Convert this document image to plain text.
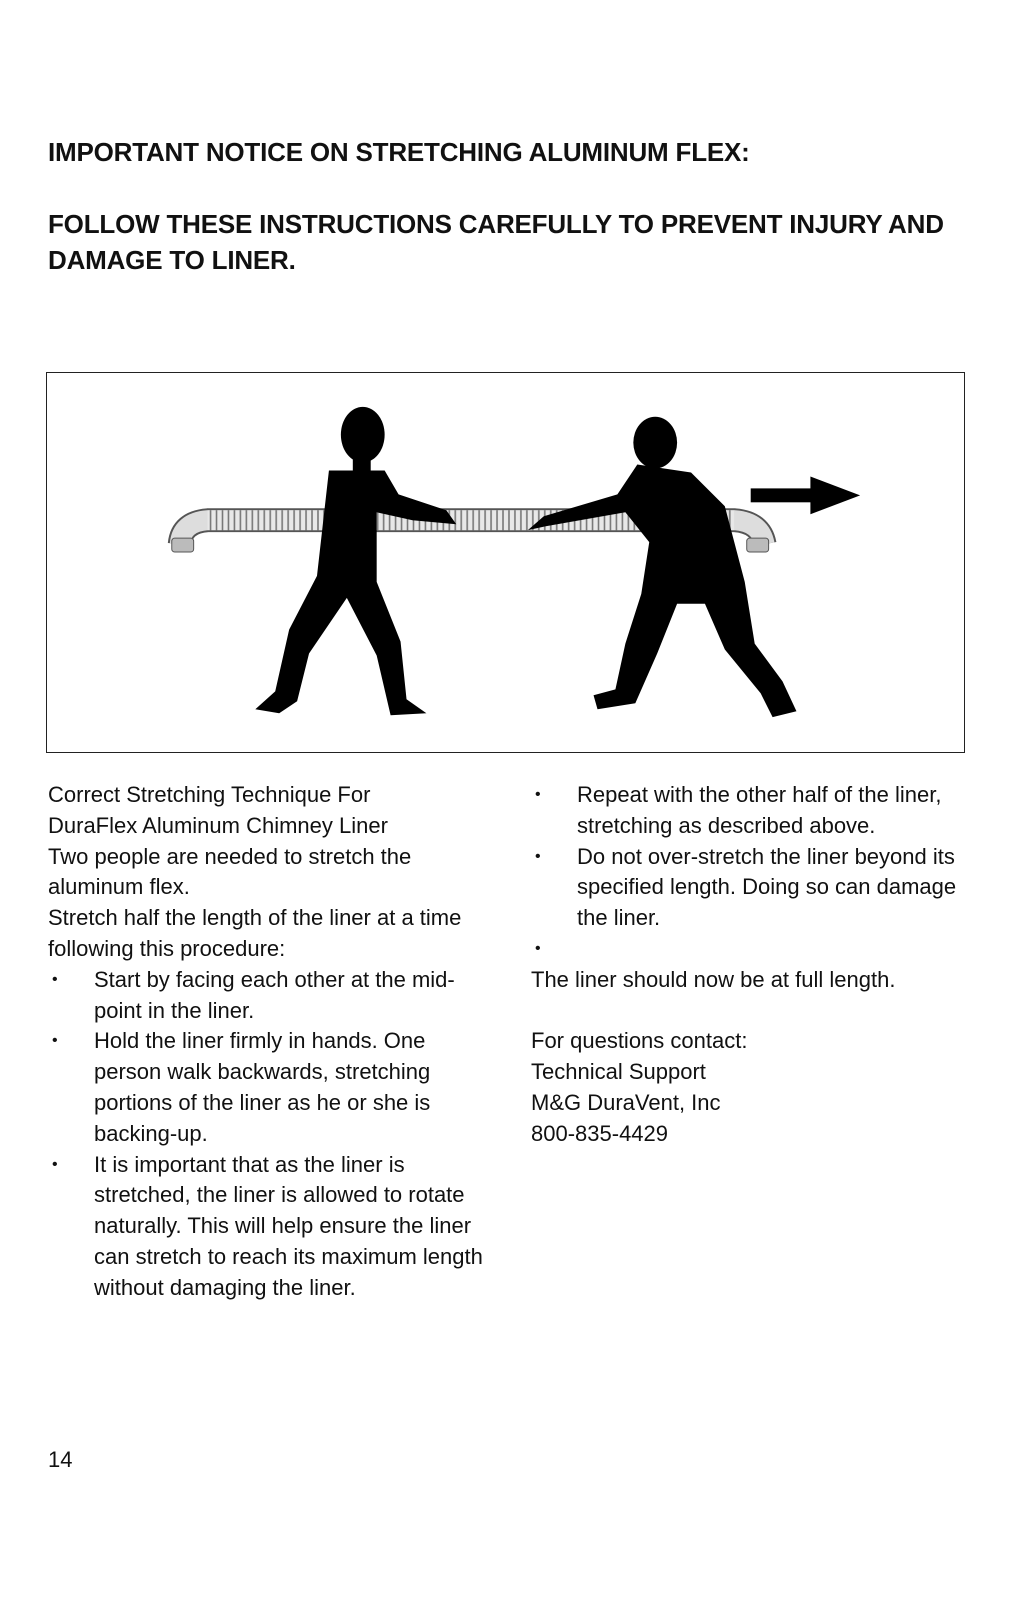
IMPORTANT NOTICE ON STRETCHING ALUMINUM FLEX:
FOLLOW THESE INSTRUCTIONS CAREFULLY TO PREVENT INJURY AND DAMAGE TO LINER.

Correct Stretching Technique For

DuraFlex Aluminum Chimney Liner

Two people are needed to stretch the aluminum flex.

Stretch half the length of the liner at a time following this procedure:

• Start by facing each other at the mid-point in the liner.
• Hold the liner firmly in hands. One person walk backwards, stretching portions of the liner as he or she is backing-up.
• It is important that as the liner is stretched, the liner is allowed to rotate naturally. This will help ensure the liner can stretch to reach its maximum length without damaging the liner.
• Repeat with the other half of the liner, stretching as described above.
• Do not over-stretch the liner beyond its specified length. Doing so can damage the liner.
•

The liner should now be at full length.

For questions contact:

Technical Support

M&G DuraVent, Inc

800-835-4429

14
